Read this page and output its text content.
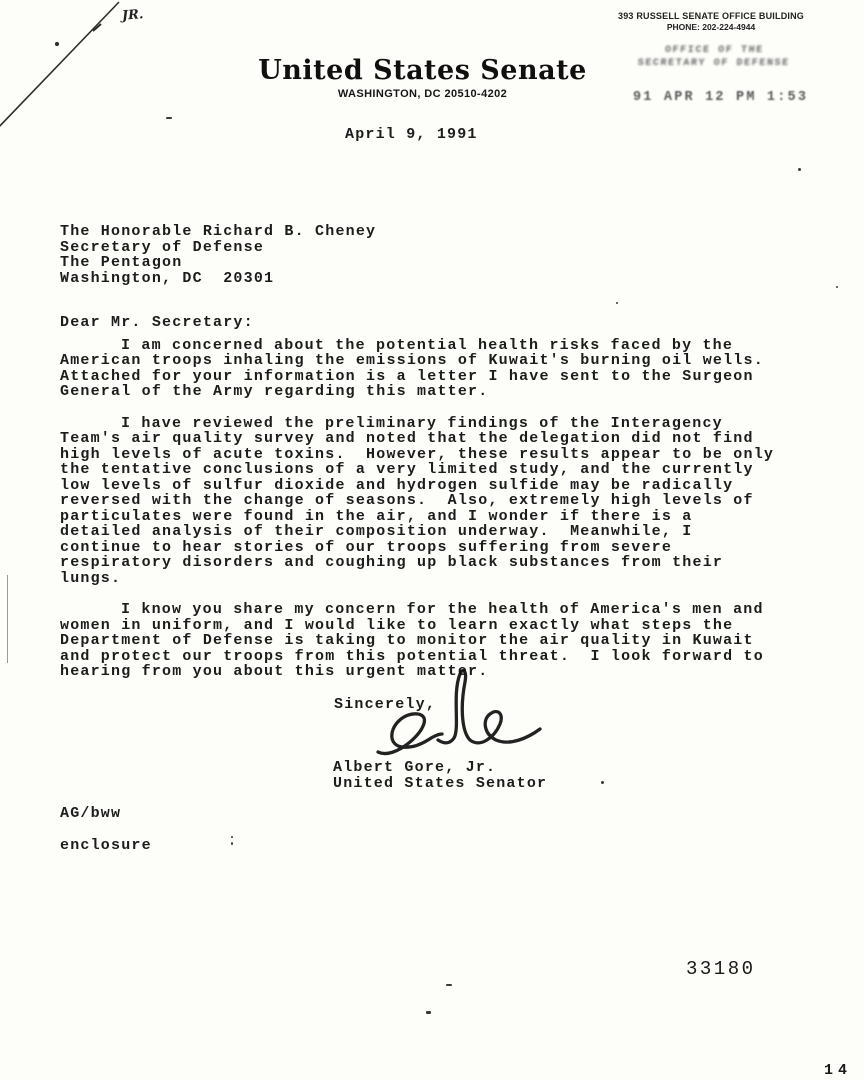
JR.	393 RUSSELL SENATE OFFICE BUILDING
PHONE: 202-224-4944
OFFICE OF THE
SECRETARY OF DEFENSE
91 APR 12 PM 1:53
United States Senate
WASHINGTON, DC 20510-4202
April 9, 1991
The Honorable Richard B. Cheney
Secretary of Defense
The Pentagon
Washington, DC  20301
Dear Mr. Secretary:

I am concerned about the potential health risks faced by the American troops inhaling the emissions of Kuwait's burning oil wells.  Attached for your information is a letter I have sent to the Surgeon General of the Army regarding this matter.

I have reviewed the preliminary findings of the Interagency Team's air quality survey and noted that the delegation did not find high levels of acute toxins.  However, these results appear to be only the tentative conclusions of a very limited study, and the currently low levels of sulfur dioxide and hydrogen sulfide may be radically reversed with the change of seasons.  Also, extremely high levels of particulates were found in the air, and I wonder if there is a detailed analysis of their composition underway.  Meanwhile, I continue to hear stories of our troops suffering from severe respiratory disorders and coughing up black substances from their lungs.

I know you share my concern for the health of America's men and women in uniform, and I would like to learn exactly what steps the Department of Defense is taking to monitor the air quality in Kuwait and protect our troops from this potential threat.  I look forward to hearing from you about this urgent matter.

Sincerely,
Albert Gore, Jr.
United States Senator
AG/bww
enclosure
33180
14
